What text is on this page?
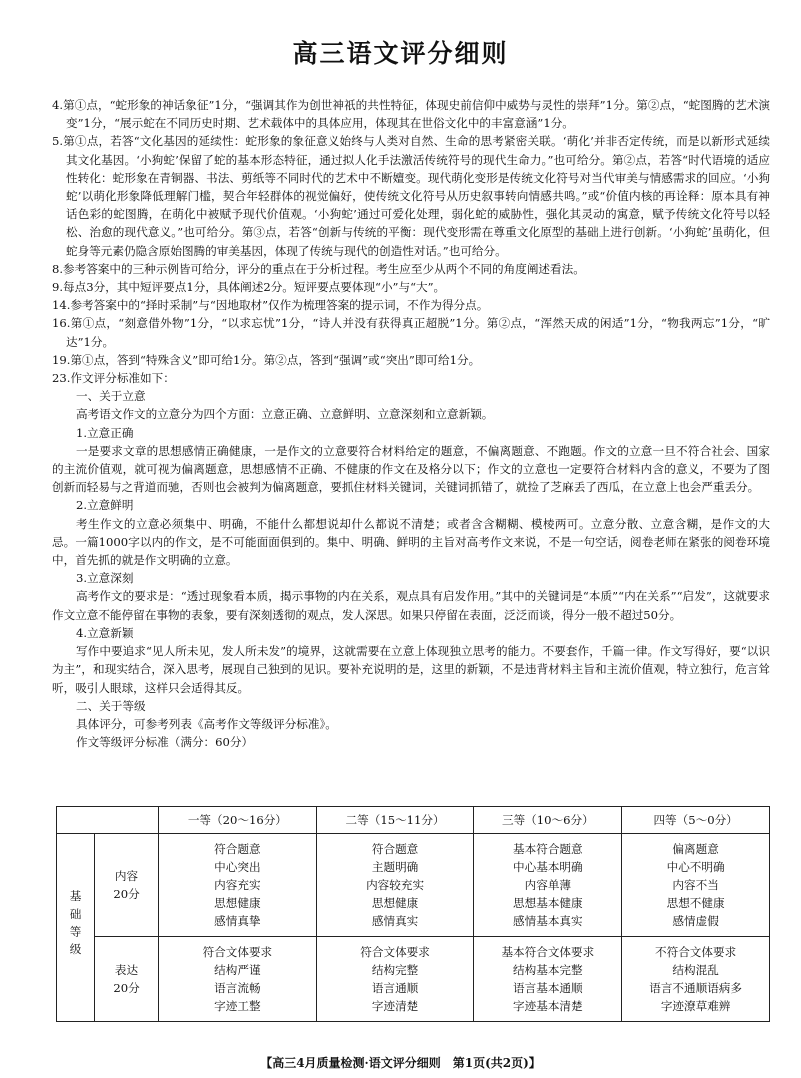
高三语文评分细则

4.第①点，“蛇形象的神话象征”1分，“强调其作为创世神祇的共性特征，体现史前信仰中威势与灵性的崇拜”1分。第②点，“蛇图腾的艺术演变”1分，“展示蛇在不同历史时期、艺术载体中的具体应用，体现其在世俗文化中的丰富意涵”1分。

5.第①点，若答“文化基因的延续性：蛇形象的象征意义始终与人类对自然、生命的思考紧密关联。‘萌化’并非否定传统，而是以新形式延续其文化基因。‘小狗蛇’保留了蛇的基本形态特征，通过拟人化手法激活传统符号的现代生命力。”也可给分。第②点，若答“时代语境的适应性转化：蛇形象在青铜器、书法、剪纸等不同时代的艺术中不断嬗变。现代萌化变形是传统文化符号对当代审美与情感需求的回应。‘小狗蛇’以萌化形象降低理解门槛，契合年轻群体的视觉偏好，使传统文化符号从历史叙事转向情感共鸣。”或“价值内核的再诠释：原本具有神话色彩的蛇图腾，在萌化中被赋予现代价值观。‘小狗蛇’通过可爱化处理，弱化蛇的威胁性，强化其灵动的寓意，赋予传统文化符号以轻松、治愈的现代意义。”也可给分。第③点，若答“创新与传统的平衡：现代变形需在尊重文化原型的基础上进行创新。‘小狗蛇’虽萌化，但蛇身等元素仍隐含原始图腾的审美基因，体现了传统与现代的创造性对话。”也可给分。

8.参考答案中的三种示例皆可给分，评分的重点在于分析过程。考生应至少从两个不同的角度阐述看法。

9.每点3分，其中短评要点1分，具体阐述2分。短评要点要体现“小”与“大”。

14.参考答案中的“择时采制”与“因地取材”仅作为梳理答案的提示词，不作为得分点。

16.第①点，“刻意借外物”1分，“以求忘忧”1分，“诗人并没有获得真正超脱”1分。第②点，“浑然天成的闲适”1分，“物我两忘”1分，“旷达”1分。

19.第①点，答到“特殊含义”即可给1分。第②点，答到“强调”或“突出”即可给1分。

23.作文评分标准如下：

一、关于立意

高考语文作文的立意分为四个方面：立意正确、立意鲜明、立意深刻和立意新颖。

1.立意正确

一是要求文章的思想感情正确健康，一是作文的立意要符合材料给定的题意，不偏离题意、不跑题。作文的立意一旦不符合社会、国家的主流价值观，就可视为偏离题意，思想感情不正确、不健康的作文在及格分以下；作文的立意也一定要符合材料内含的意义，不要为了图创新而轻易与之背道而驰，否则也会被判为偏离题意，要抓住材料关键词，关键词抓错了，就捡了芝麻丢了西瓜，在立意上也会严重丢分。

2.立意鲜明

考生作文的立意必须集中、明确，不能什么都想说却什么都说不清楚；或者含含糊糊、模棱两可。立意分散、立意含糊，是作文的大忌。一篇1000字以内的作文，是不可能面面俱到的。集中、明确、鲜明的主旨对高考作文来说，不是一句空话，阅卷老师在紧张的阅卷环境中，首先抓的就是作文明确的立意。

3.立意深刻

高考作文的要求是：“透过现象看本质，揭示事物的内在关系，观点具有启发作用。”其中的关键词是“本质”“内在关系”“启发”，这就要求作文立意不能停留在事物的表象，要有深刻透彻的观点，发人深思。如果只停留在表面，泛泛而谈，得分一般不超过50分。

4.立意新颖

写作中要追求“见人所未见，发人所未发”的境界，这就需要在立意上体现独立思考的能力。不要套作，千篇一律。作文写得好，要“以识为主”，和现实结合，深入思考，展现自己独到的见识。要补充说明的是，这里的新颖，不是违背材料主旨和主流价值观，特立独行，危言耸听，吸引人眼球，这样只会适得其反。

二、关于等级

具体评分，可参考列表《高考作文等级评分标准》。

作文等级评分标准（满分：60分）

		一等（20～16分）	二等（15～11分）	三等（10～6分）	四等（5～0分）
基础等级	内容
20分	符合题意
中心突出
内容充实
思想健康
感情真挚	符合题意
主题明确
内容较充实
思想健康
感情真实	基本符合题意
中心基本明确
内容单薄
思想基本健康
感情基本真实	偏离题意
中心不明确
内容不当
思想不健康
感情虚假

	表达
20分	符合文体要求
结构严谨
语言流畅
字迹工整	符合文体要求
结构完整
语言通顺
字迹清楚	基本符合文体要求
结构基本完整
语言基本通顺
字迹基本清楚	不符合文体要求
结构混乱
语言不通顺语病多
字迹潦草难辨
【高三4月质量检测·语文评分细则　第1页(共2页)】
